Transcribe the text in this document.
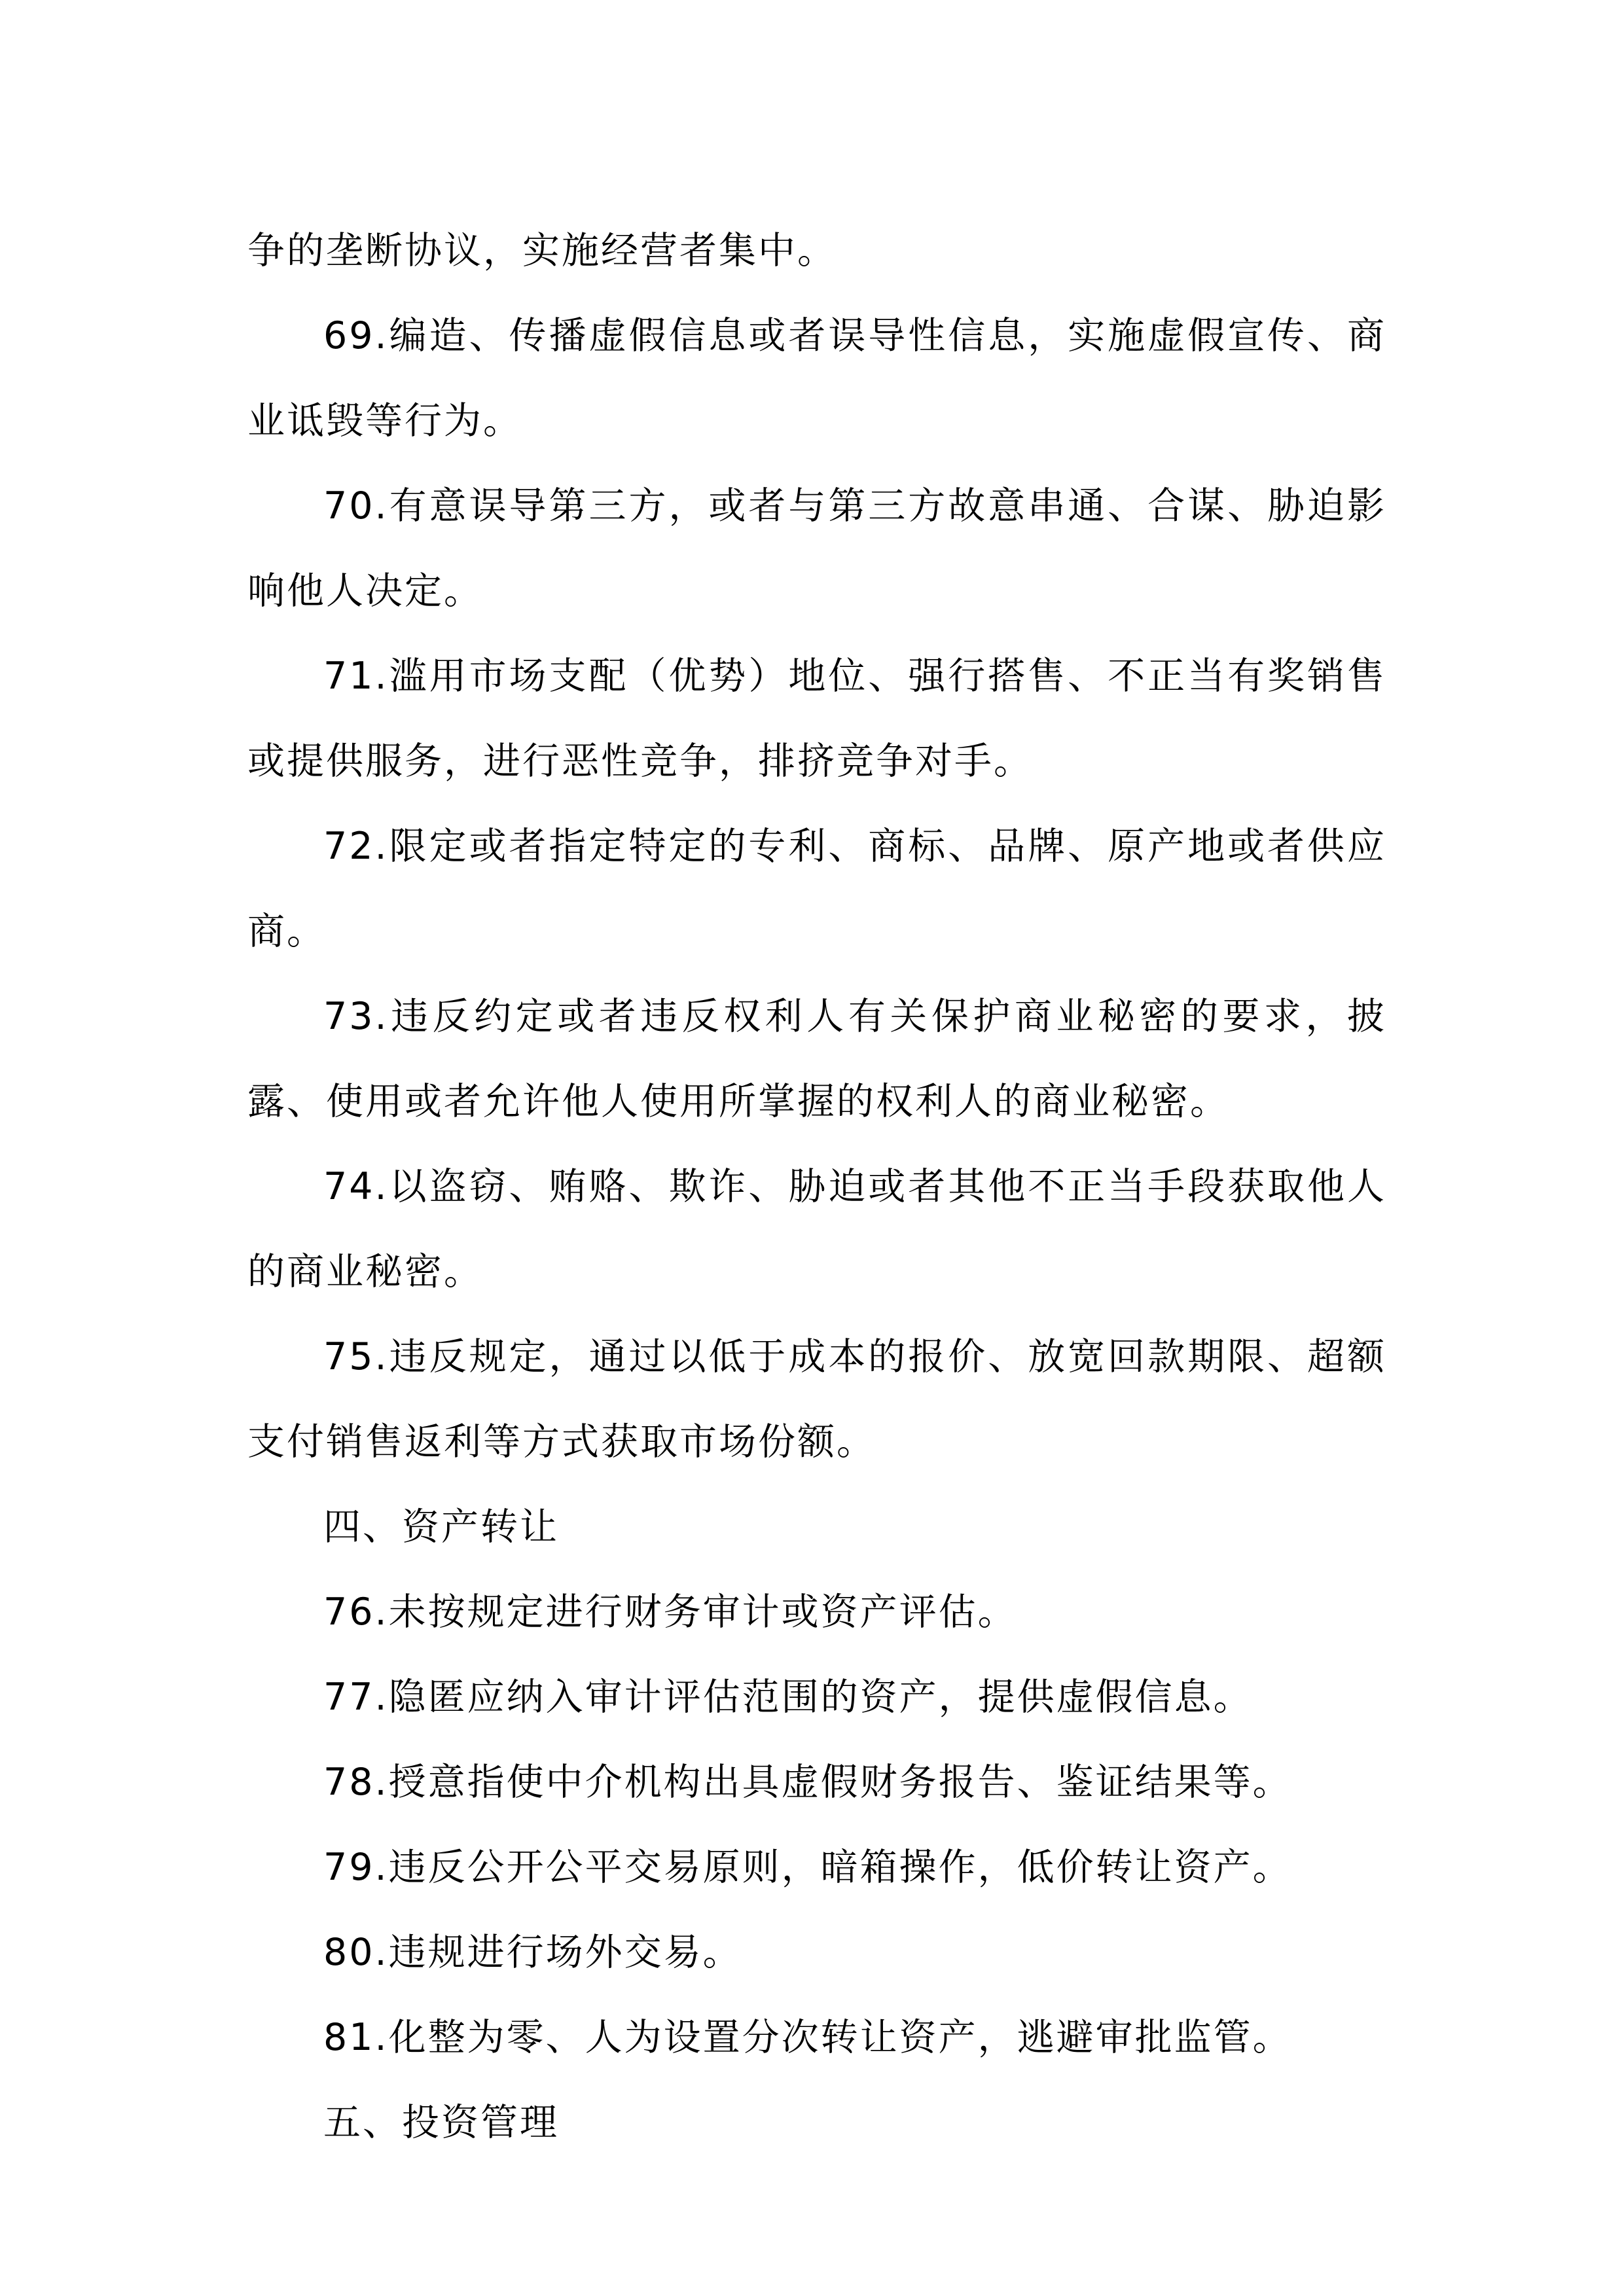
争的垄断协议，实施经营者集中。

69.编造、传播虚假信息或者误导性信息，实施虚假宣传、商业诋毁等行为。

70.有意误导第三方，或者与第三方故意串通、合谋、胁迫影响他人决定。

71.滥用市场支配（优势）地位、强行搭售、不正当有奖销售或提供服务，进行恶性竞争，排挤竞争对手。

72.限定或者指定特定的专利、商标、品牌、原产地或者供应商。

73.违反约定或者违反权利人有关保护商业秘密的要求，披露、使用或者允许他人使用所掌握的权利人的商业秘密。

74.以盗窃、贿赂、欺诈、胁迫或者其他不正当手段获取他人的商业秘密。

75.违反规定，通过以低于成本的报价、放宽回款期限、超额支付销售返利等方式获取市场份额。

四、资产转让

76.未按规定进行财务审计或资产评估。

77.隐匿应纳入审计评估范围的资产，提供虚假信息。

78.授意指使中介机构出具虚假财务报告、鉴证结果等。

79.违反公开公平交易原则，暗箱操作，低价转让资产。

80.违规进行场外交易。

81.化整为零、人为设置分次转让资产，逃避审批监管。

五、投资管理
